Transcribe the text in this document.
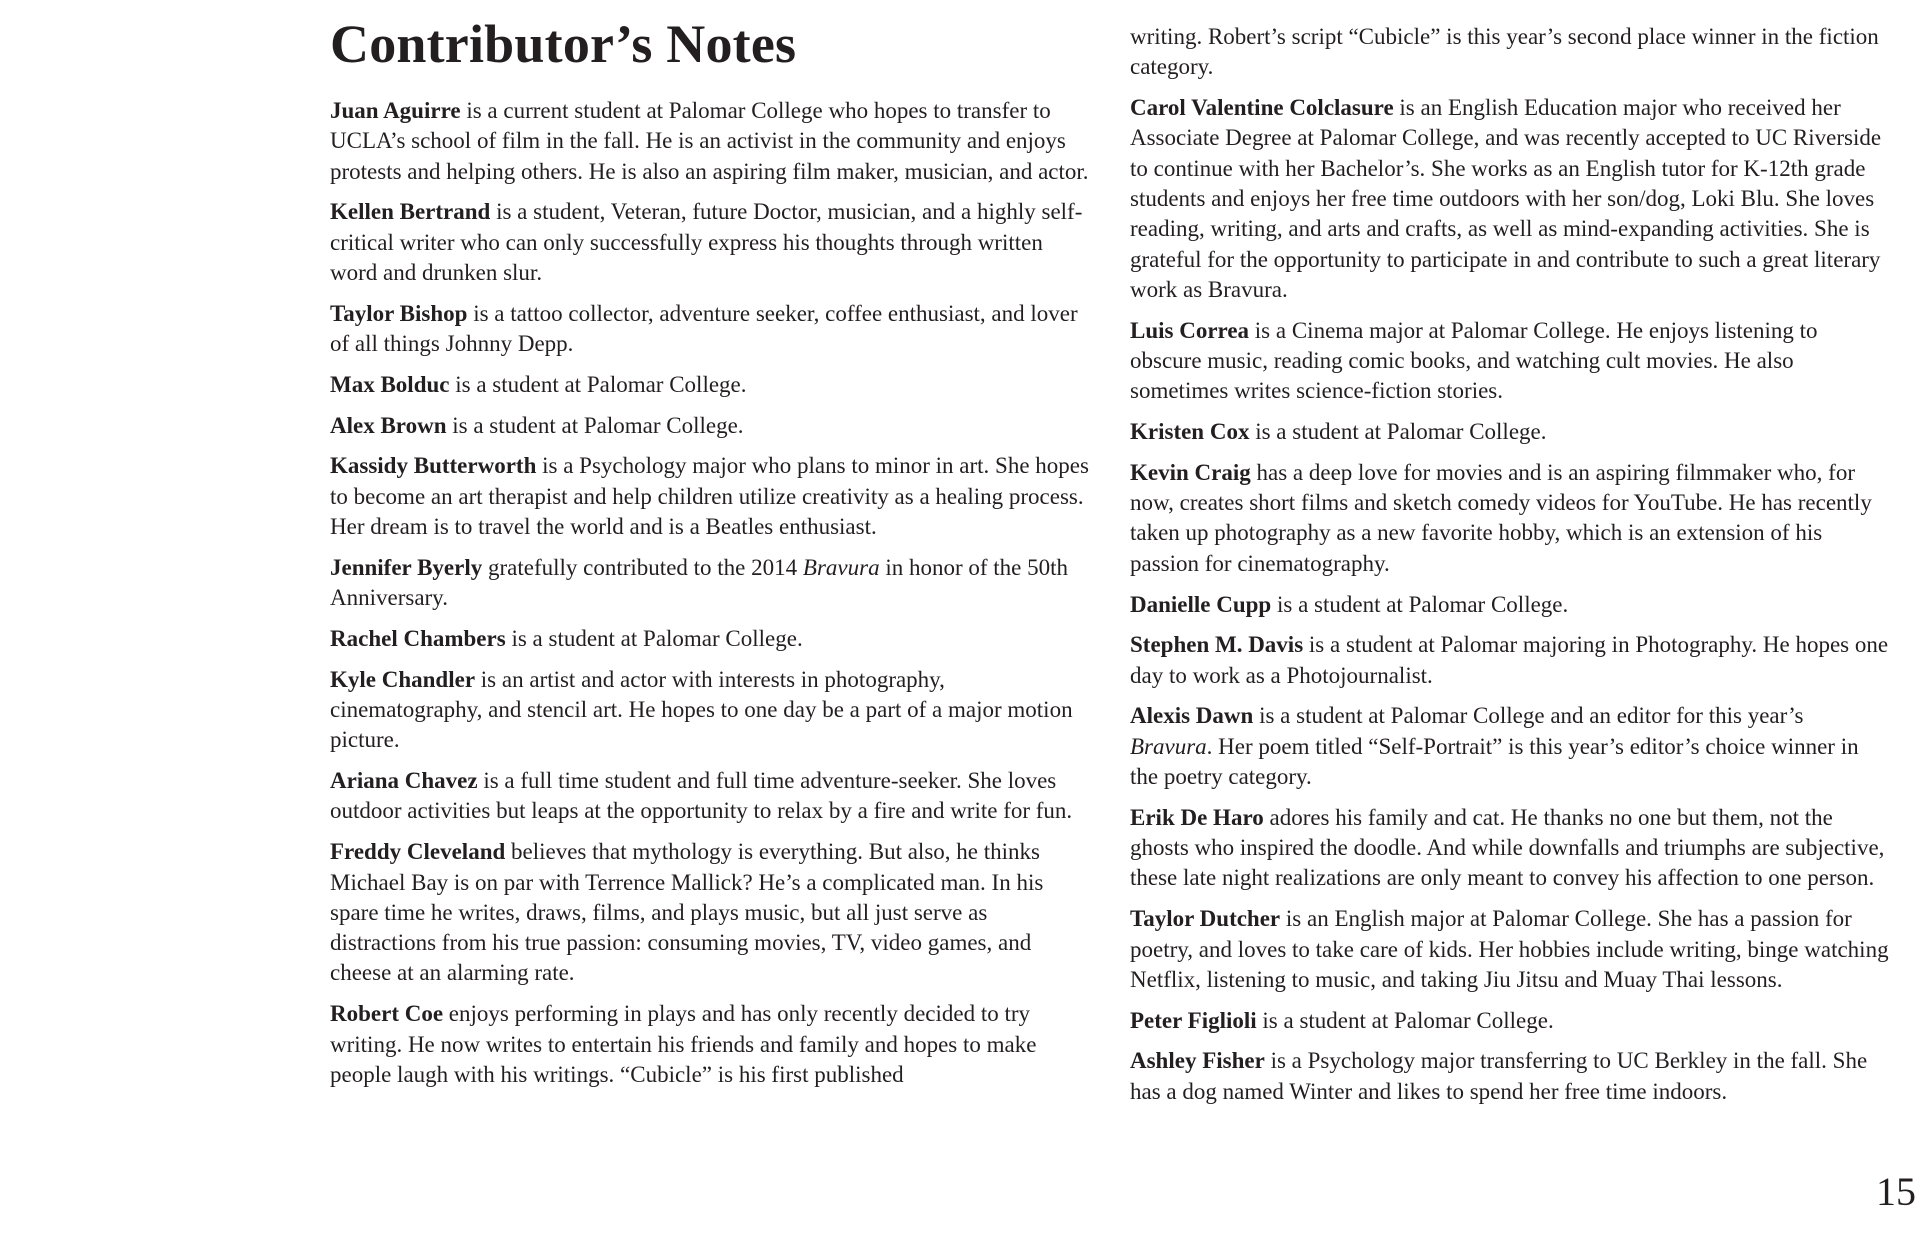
Contributor’s Notes

Juan Aguirre is a current student at Palomar College who hopes to transfer to UCLA’s school of film in the fall. He is an activist in the community and enjoys protests and helping others. He is also an aspiring film maker, musician, and actor.

Kellen Bertrand is a student, Veteran, future Doctor, musician, and a highly self-critical writer who can only successfully express his thoughts through written word and drunken slur.

Taylor Bishop is a tattoo collector, adventure seeker, coffee enthusiast, and lover of all things Johnny Depp.

Max Bolduc is a student at Palomar College.

Alex Brown is a student at Palomar College.

Kassidy Butterworth is a Psychology major who plans to minor in art. She hopes to become an art therapist and help children utilize creativity as a healing process. Her dream is to travel the world and is a Beatles enthusiast.

Jennifer Byerly gratefully contributed to the 2014 Bravura in honor of the 50th Anniversary.

Rachel Chambers is a student at Palomar College.

Kyle Chandler is an artist and actor with interests in photography, cinematography, and stencil art. He hopes to one day be a part of a major motion picture.

Ariana Chavez is a full time student and full time adventure-seeker. She loves outdoor activities but leaps at the opportunity to relax by a fire and write for fun.

Freddy Cleveland believes that mythology is everything. But also, he thinks Michael Bay is on par with Terrence Mallick? He’s a complicated man. In his spare time he writes, draws, films, and plays music, but all just serve as distractions from his true passion: consuming movies, TV, video games, and cheese at an alarming rate.

Robert Coe enjoys performing in plays and has only recently decided to try writing. He now writes to entertain his friends and family and hopes to make people laugh with his writings. “Cubicle” is his first published

writing. Robert’s script “Cubicle” is this year’s second place winner in the fiction category.

Carol Valentine Colclasure is an English Education major who received her Associate Degree at Palomar College, and was recently accepted to UC Riverside to continue with her Bachelor’s. She works as an English tutor for K-12th grade students and enjoys her free time outdoors with her son/dog, Loki Blu. She loves reading, writing, and arts and crafts, as well as mind-expanding activities. She is grateful for the opportunity to participate in and contribute to such a great literary work as Bravura.

Luis Correa is a Cinema major at Palomar College. He enjoys listening to obscure music, reading comic books, and watching cult movies. He also sometimes writes science-fiction stories.

Kristen Cox is a student at Palomar College.

Kevin Craig has a deep love for movies and is an aspiring filmmaker who, for now, creates short films and sketch comedy videos for YouTube. He has recently taken up photography as a new favorite hobby, which is an extension of his passion for cinematography.

Danielle Cupp is a student at Palomar College.

Stephen M. Davis is a student at Palomar majoring in Photography. He hopes one day to work as a Photojournalist.

Alexis Dawn is a student at Palomar College and an editor for this year’s Bravura. Her poem titled “Self-Portrait” is this year’s editor’s choice winner in the poetry category.

Erik De Haro adores his family and cat. He thanks no one but them, not the ghosts who inspired the doodle. And while downfalls and triumphs are subjective, these late night realizations are only meant to convey his affection to one person.

Taylor Dutcher is an English major at Palomar College. She has a passion for poetry, and loves to take care of kids. Her hobbies include writing, binge watching Netflix, listening to music, and taking Jiu Jitsu and Muay Thai lessons.

Peter Figlioli is a student at Palomar College.

Ashley Fisher is a Psychology major transferring to UC Berkley in the fall. She has a dog named Winter and likes to spend her free time indoors.

15
